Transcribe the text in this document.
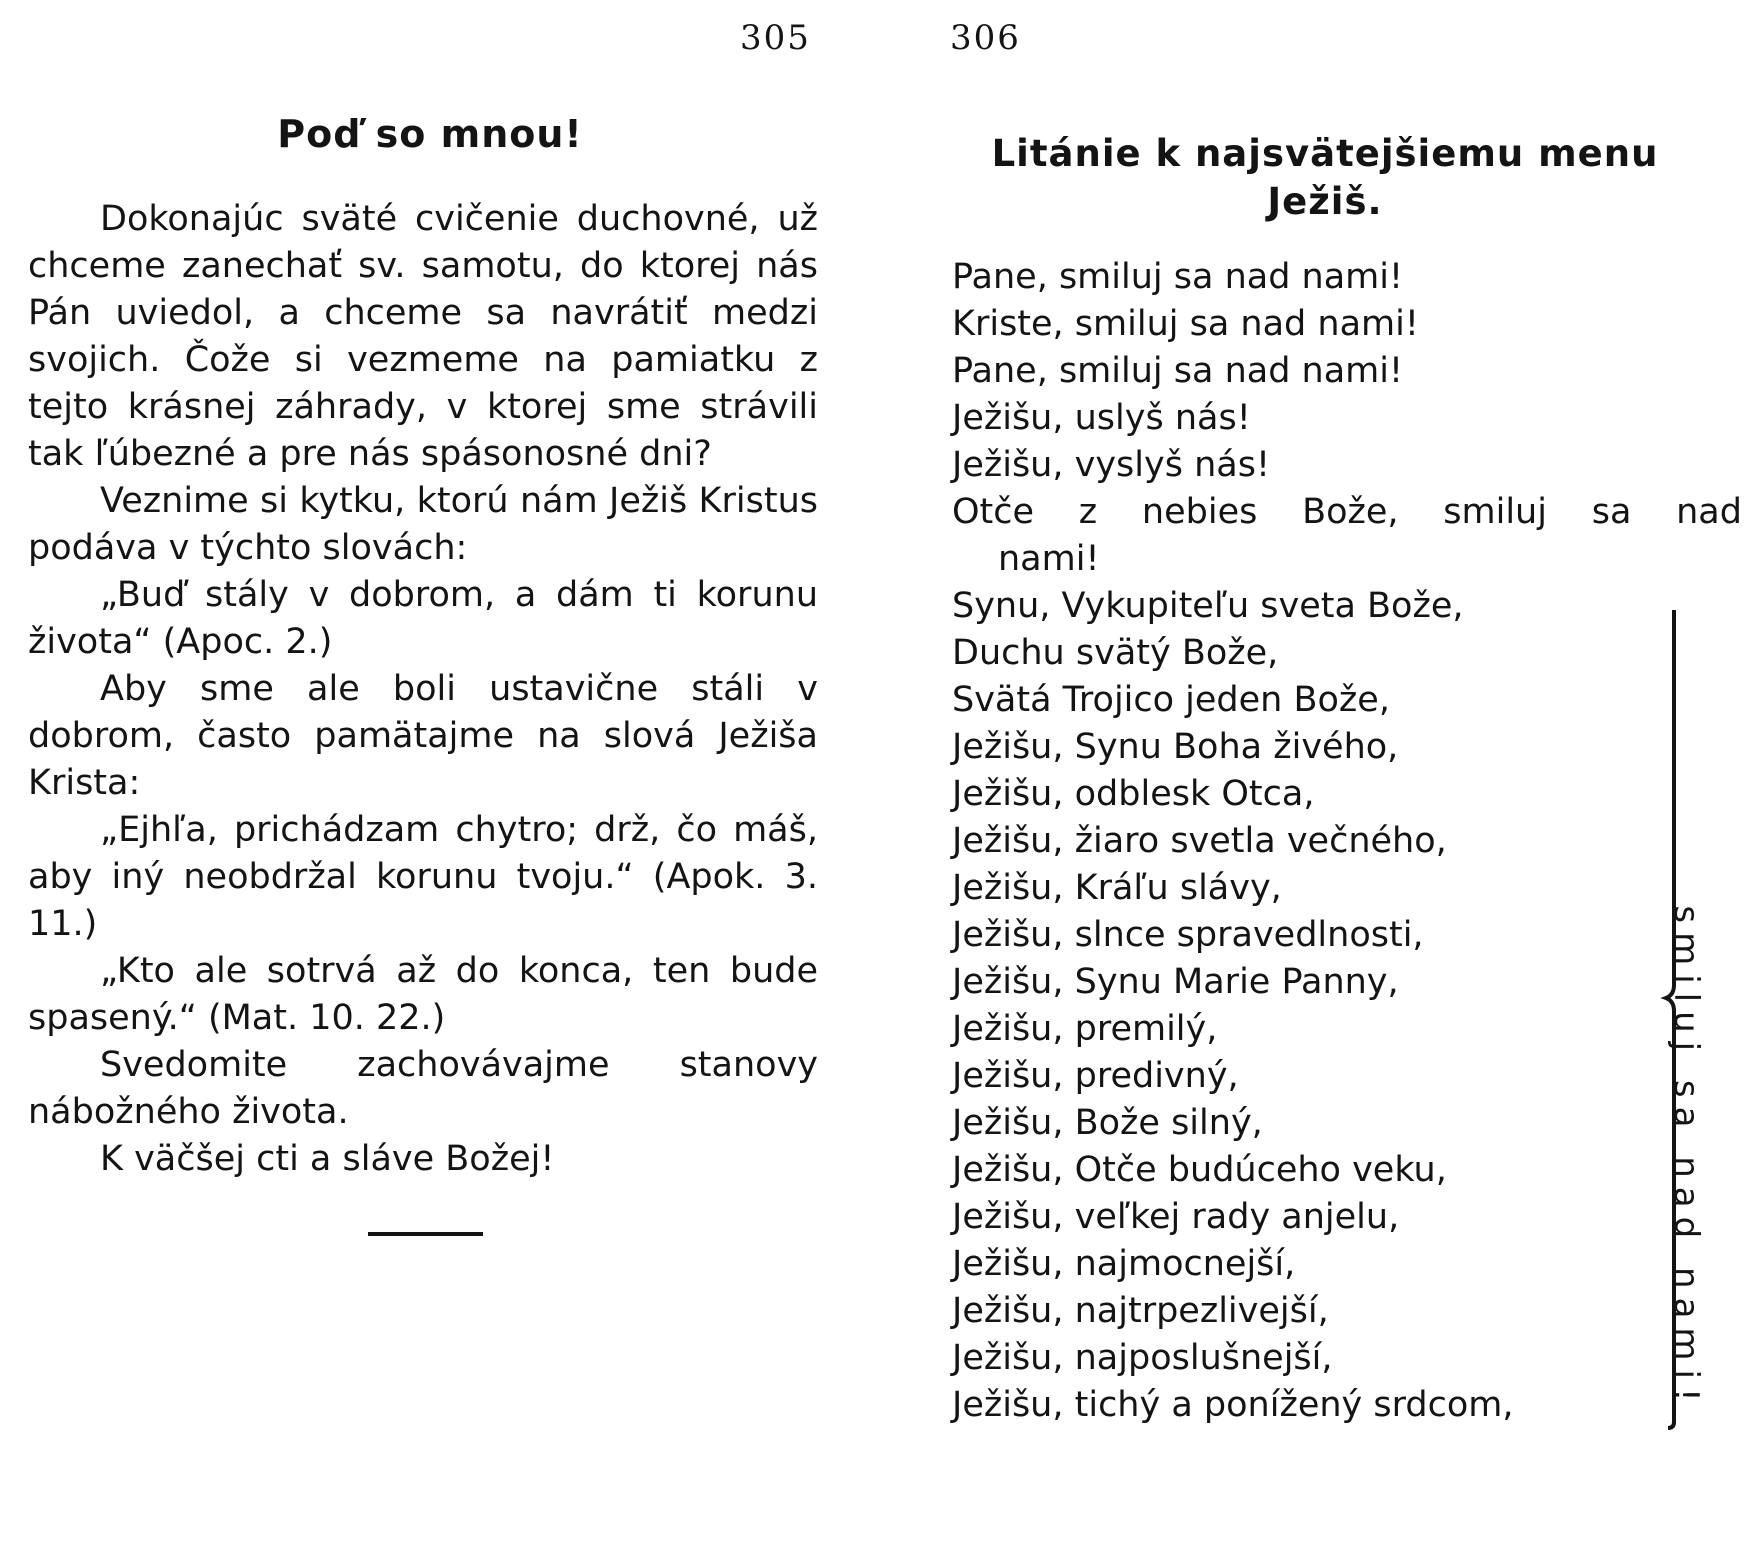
305
Poď so mnou!

Dokonajúc sväté cvičenie duchovné, už chceme zanechať sv. samotu, do ktorej nás Pán uviedol, a chceme sa navrátiť medzi svojich. Čože si vezmeme na pamiatku z tejto krásnej záhrady, v ktorej sme strávili tak ľúbezné a pre nás spásonosné dni?

Veznime si kytku, ktorú nám Ježiš Kristus podáva v týchto slovách:

„Buď stály v dobrom, a dám ti korunu života“ (Apoc. 2.)

Aby sme ale boli ustavične stáli v dobrom, často pamätajme na slová Ježiša Krista:

„Ejhľa, prichádzam chytro; drž, čo máš, aby iný neobdržal korunu tvoju.“ (Apok. 3. 11.)

„Kto ale sotrvá až do konca, ten bude spasený.“ (Mat. 10. 22.)

Svedomite zachovávajme stanovy nábožného života.

K väčšej cti a sláve Božej!

306
Litánie k najsvätejšiemu menu Ježiš.
Pane, smiluj sa nad nami!
Kriste, smiluj sa nad nami!
Pane, smiluj sa nad nami!
Ježišu, uslyš nás!
Ježišu, vyslyš nás!
Otče z nebies Bože, smiluj sa nad
nami!
Synu, Vykupiteľu sveta Bože,
Duchu svätý Bože,
Svätá Trojico jeden Bože,
Ježišu, Synu Boha živého,
Ježišu, odblesk Otca,
Ježišu, žiaro svetla večného,
Ježišu, Kráľu slávy,
Ježišu, slnce spravedlnosti,
Ježišu, Synu Marie Panny,
Ježišu, premilý,
Ježišu, predivný,
Ježišu, Bože silný,
Ježišu, Otče budúceho veku,
Ježišu, veľkej rady anjelu,
Ježišu, najmocnejší,
Ježišu, najtrpezlivejší,
Ježišu, najposlušnejší,
Ježišu, tichý a ponížený srdcom,	smiluj sa nad nami!
